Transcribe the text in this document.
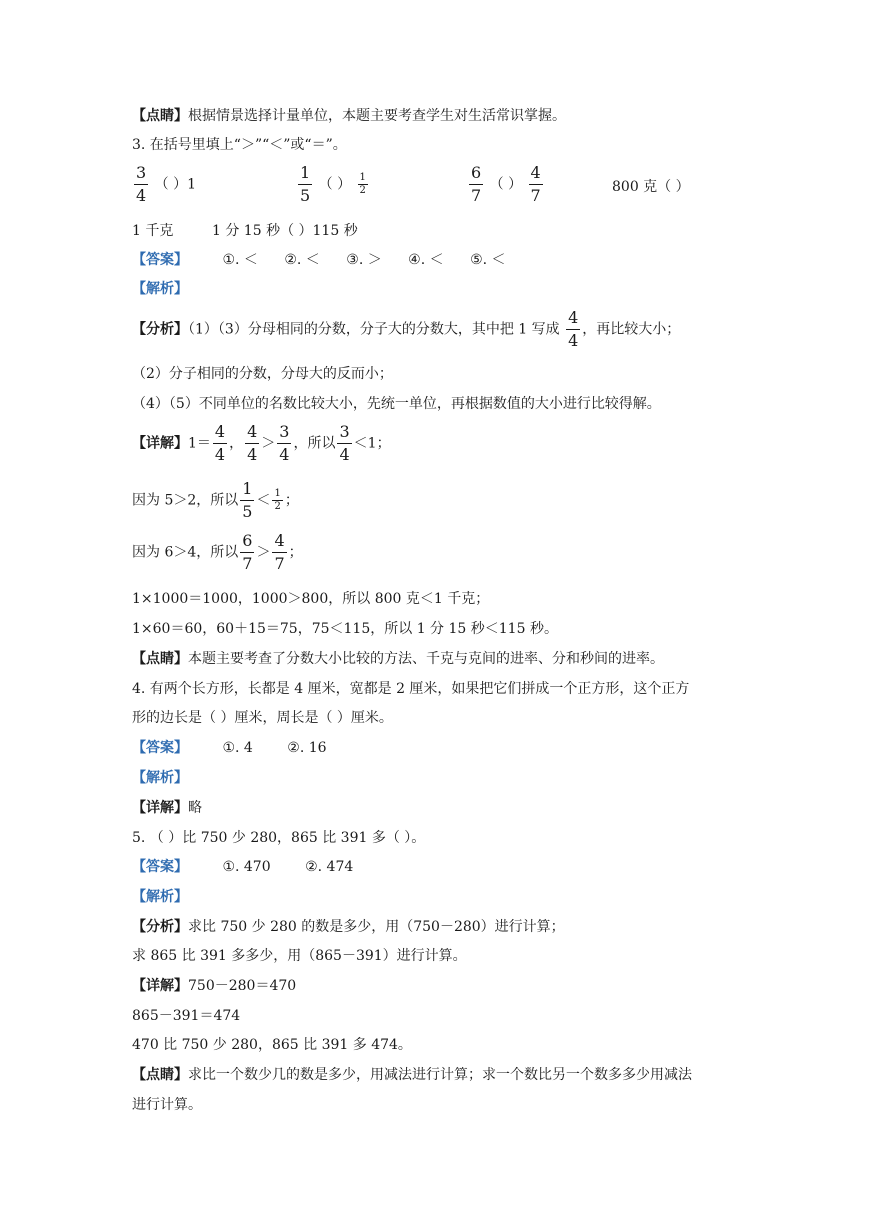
【点睛】根据情景选择计量单位，本题主要考查学生对生活常识掌握。
3. 在括号里填上“＞”“＜”或“＝”。
$\frac{3}{4}$ （ ）1	$\frac{1}{5}$ （ ） $\frac{1}{2}$	$\frac{6}{7}$ （ ） $\frac{4}{7}$	800 克（ ）
1 千克	1 分 15 秒（ ）115 秒
【答案】 ①. ＜ ②. ＜ ③. ＞ ④. ＜ ⑤. ＜
【解析】
【分析】（1）（3）分母相同的分数，分子大的分数大，其中把 1 写成 $\frac{4}{4}$ ，再比较大小；
（2）分子相同的分数，分母大的反而小；
（4）（5）不同单位的名数比较大小，先统一单位，再根据数值的大小进行比较得解。
【详解】$1= \frac{4}{4}$ ， $\frac{4}{4} > \frac{3}{4}$ ，所以 $\frac{3}{4} <1$；
因为 5＞2，所以 $\frac{1}{5} < \frac{1}{2}$ ；
因为 6＞4，所以 $\frac{6}{7} > \frac{4}{7}$ ；
1×1000＝1000，1000＞800，所以 800 克＜1 千克；
1×60＝60，60＋15＝75，75＜115，所以 1 分 15 秒＜115 秒。
【点睛】本题主要考查了分数大小比较的方法、千克与克间的进率、分和秒间的进率。
4. 有两个长方形，长都是 4 厘米，宽都是 2 厘米，如果把它们拼成一个正方形，这个正方
形的边长是（ ）厘米，周长是（ ）厘米。
【答案】 ①. 4 ②. 16
【解析】
【详解】略
5. （ ）比 750 少 280，865 比 391 多（ ）。
【答案】 ①. 470 ②. 474
【解析】
【分析】求比 750 少 280 的数是多少，用（750－280）进行计算；
求 865 比 391 多多少，用（865－391）进行计算。
【详解】750－280＝470
865－391＝474
470 比 750 少 280，865 比 391 多 474。
【点睛】求比一个数少几的数是多少，用减法进行计算；求一个数比另一个数多多少用减法
进行计算。
